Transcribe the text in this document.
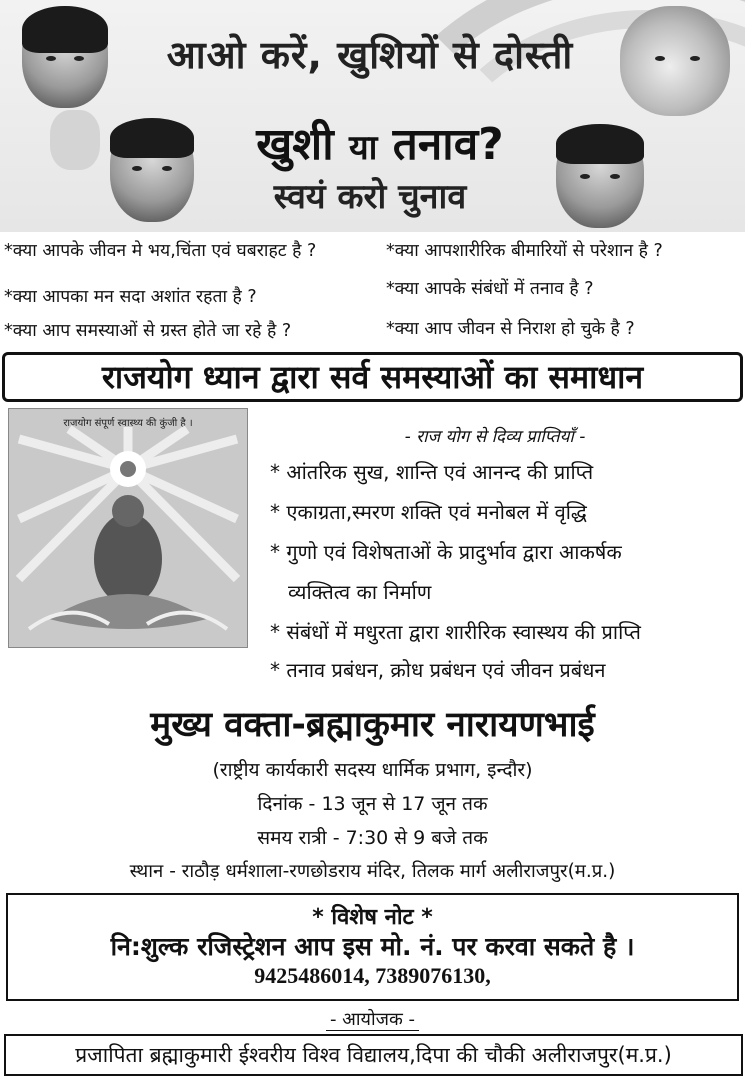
आओ करें, खुशियों से दोस्ती
खुशी या तनाव?
स्वयं करो चुनाव
*क्या आपके जीवन मे भय,चिंता एवं घबराहट है ?
*क्या आपका मन सदा अशांत रहता है ?
*क्या आप समस्याओं से ग्रस्त होते जा रहे है ?
*क्या आपशारीरिक बीमारियों से परेशान है ?
*क्या आपके संबंधों में तनाव है ?
*क्या आप जीवन से निराश हो चुके है ?
राजयोग ध्यान द्वारा सर्व समस्याओं का समाधान
राजयोग संपूर्ण स्वास्थ्य की कुंजी है ।
- राज योग से दिव्य प्राप्तियाँ -
* आंतरिक सुख, शान्ति एवं आनन्द की प्राप्ति
* एकाग्रता,स्मरण शक्ति एवं मनोबल में वृद्धि
* गुणो एवं विशेषताओं के प्रादुर्भाव द्वारा आकर्षक
व्यक्तित्व का निर्माण
* संबंधों में मधुरता द्वारा शारीरिक स्वास्थय की प्राप्ति
* तनाव प्रबंधन, क्रोध प्रबंधन एवं जीवन प्रबंधन
मुख्य वक्ता-ब्रह्माकुमार नारायणभाई
(राष्ट्रीय कार्यकारी सदस्य धार्मिक प्रभाग, इन्दौर)
दिनांक - 13 जून से 17 जून तक
समय रात्री - 7:30 से 9 बजे तक
स्थान - राठौड़ धर्मशाला-रणछोडराय मंदिर, तिलक मार्ग अलीराजपुर(म.प्र.)
* विशेष नोट *
नि:शुल्क रजिस्ट्रेशन आप इस मो. नं. पर करवा सकते है ।
9425486014, 7389076130,
- आयोजक -
प्रजापिता ब्रह्माकुमारी ईश्वरीय विश्व विद्यालय,दिपा की चौकी अलीराजपुर(म.प्र.)
